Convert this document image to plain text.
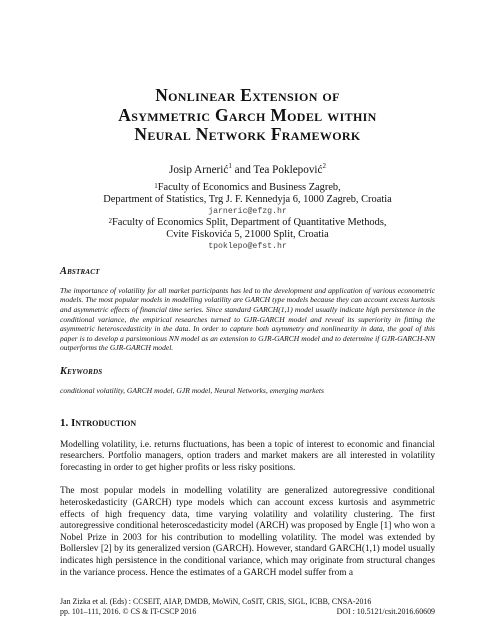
Nonlinear Extension of
Asymmetric Garch Model within
Neural Network Framework
Josip Arnerić$^1$ and Tea Poklepović$^2$
$^1$Faculty of Economics and Business Zagreb,
Department of Statistics, Trg J. F. Kennedyja 6, 1000 Zagreb, Croatia
jarneric@efzg.hr
$^2$Faculty of Economics Split, Department of Quantitative Methods,
Cvite Fiskovića 5, 21000 Split, Croatia
tpoklepo@efst.hr
Abstract

The importance of volatility for all market participants has led to the development and application of various econometric models. The most popular models in modelling volatility are GARCH type models because they can account excess kurtosis and asymmetric effects of financial time series. Since standard GARCH(1,1) model usually indicate high persistence in the conditional variance, the empirical researches turned to GJR-GARCH model and reveal its superiority in fitting the asymmetric heteroscedasticity in the data. In order to capture both asymmetry and nonlinearity in data, the goal of this paper is to develop a parsimonious NN model as an extension to GJR-GARCH model and to determine if GJR-GARCH-NN outperforms the GJR-GARCH model.

Keywords

conditional volatility, GARCH model, GJR model, Neural Networks, emerging markets

1. Introduction

Modelling volatility, i.e. returns fluctuations, has been a topic of interest to economic and financial researchers. Portfolio managers, option traders and market makers are all interested in volatility forecasting in order to get higher profits or less risky positions.

The most popular models in modelling volatility are generalized autoregressive conditional heteroskedasticity (GARCH) type models which can account excess kurtosis and asymmetric effects of high frequency data, time varying volatility and volatility clustering. The first autoregressive conditional heteroscedasticity model (ARCH) was proposed by Engle [1] who won a Nobel Prize in 2003 for his contribution to modelling volatility. The model was extended by Bollerslev [2] by its generalized version (GARCH). However, standard GARCH(1,1) model usually indicates high persistence in the conditional variance, which may originate from structural changes in the variance process. Hence the estimates of a GARCH model suffer from a

Jan Zizka et al. (Eds) : CCSEIT, AIAP, DMDB, MoWiN, CoSIT, CRIS, SIGL, ICBB, CNSA-2016
pp. 101–111, 2016. © CS & IT-CSCP 2016	DOI : 10.5121/csit.2016.60609
